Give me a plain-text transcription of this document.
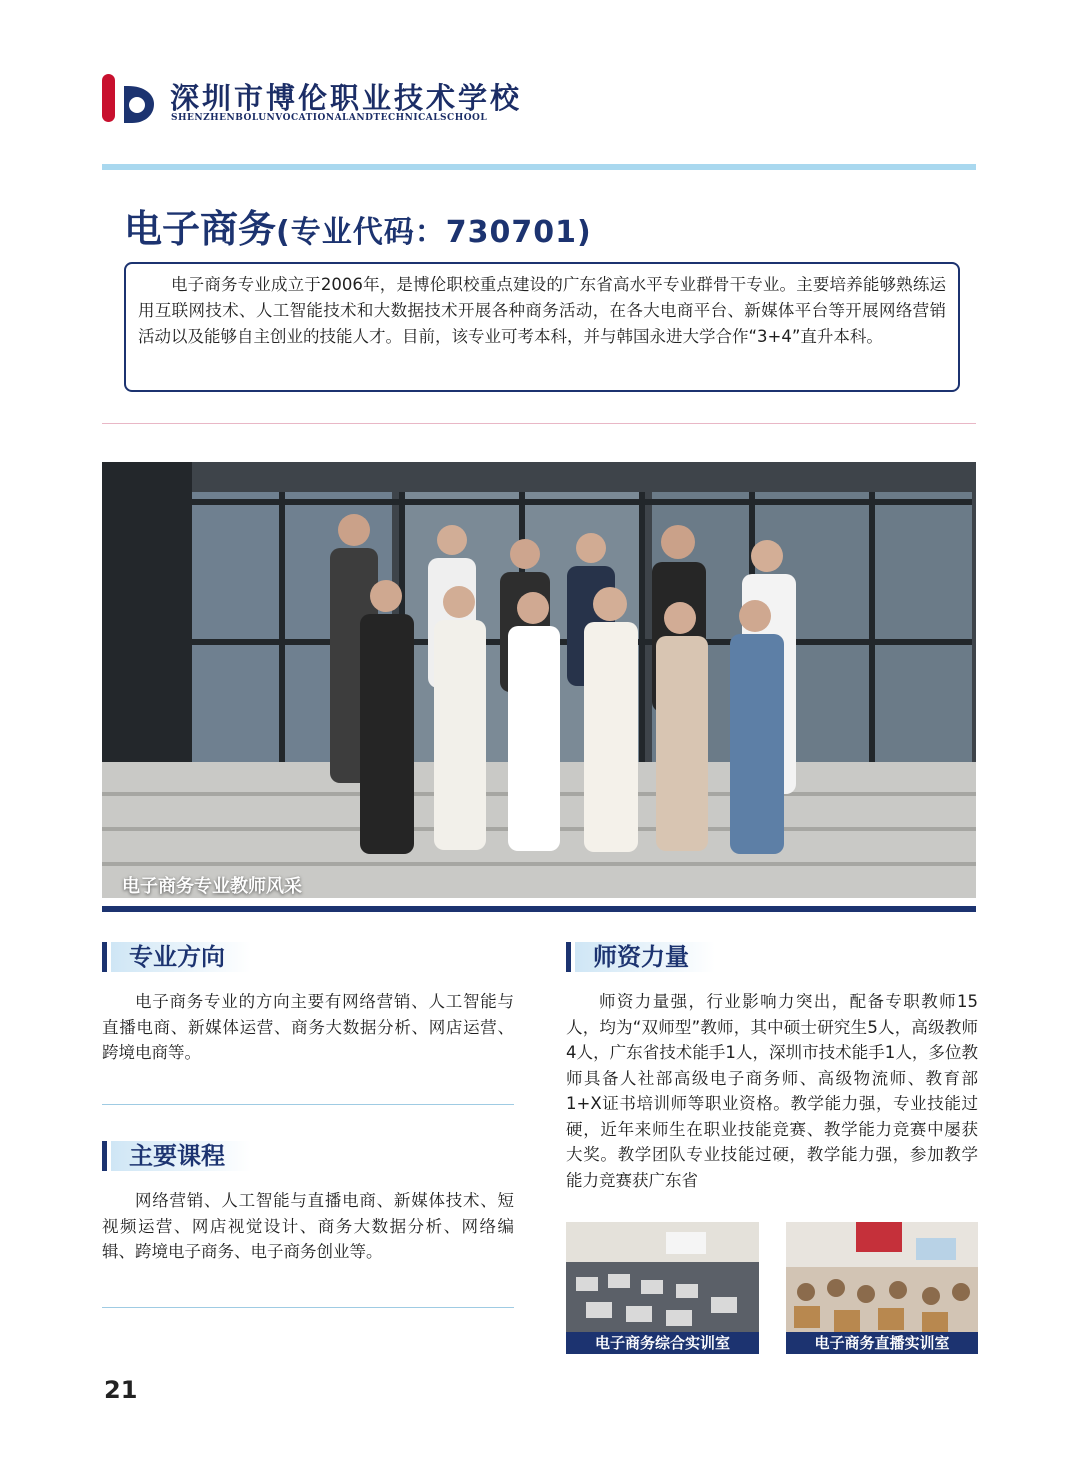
深圳市博伦职业技术学校
SHENZHEN BOLUN VOCATIONAL AND TECHNICAL SCHOOL
电子商务(专业代码：730701)

电子商务专业成立于2006年，是博伦职校重点建设的广东省高水平专业群骨干专业。主要培养能够熟练运用互联网技术、人工智能技术和大数据技术开展各种商务活动，在各大电商平台、新媒体平台等开展网络营销活动以及能够自主创业的技能人才。目前，该专业可考本科，并与韩国永进大学合作“3+4”直升本科。

电子商务专业教师风采
专业方向

电子商务专业的方向主要有网络营销、人工智能与直播电商、新媒体运营、商务大数据分析、网店运营、跨境电商等。

主要课程

网络营销、人工智能与直播电商、新媒体技术、短视频运营、网店视觉设计、商务大数据分析、网络编辑、跨境电子商务、电子商务创业等。

师资力量

师资力量强，行业影响力突出，配备专职教师15人，均为“双师型”教师，其中硕士研究生5人，高级教师4人，广东省技术能手1人，深圳市技术能手1人，多位教师具备人社部高级电子商务师、高级物流师、教育部1+X证书培训师等职业资格。教学能力强，专业技能过硬，近年来师生在职业技能竞赛、教学能力竞赛中屡获大奖。教学团队专业技能过硬，教学能力强，参加教学能力竞赛获广东省

电子商务综合实训室	电子商务直播实训室
21
